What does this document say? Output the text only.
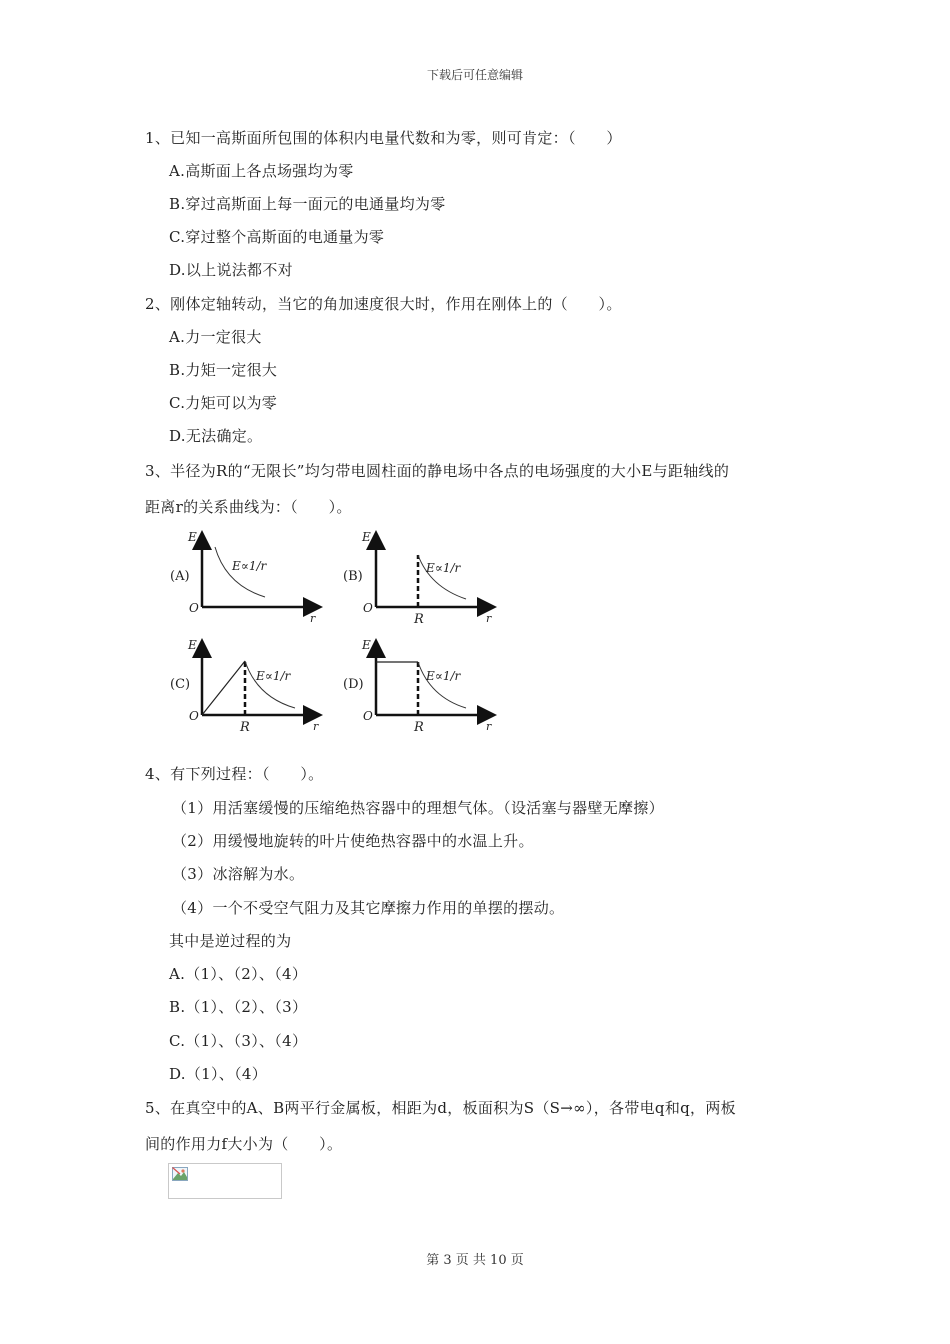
下载后可任意编辑
1、已知一高斯面所包围的体积内电量代数和为零，则可肯定：（　　）
A.高斯面上各点场强均为零
B.穿过高斯面上每一面元的电通量均为零
C.穿过整个高斯面的电通量为零
D.以上说法都不对
2、刚体定轴转动，当它的角加速度很大时，作用在刚体上的（　　）。
A.力一定很大
B.力矩一定很大
C.力矩可以为零
D.无法确定。
3、半径为R的“无限长”均匀带电圆柱面的静电场中各点的电场强度的大小E与距轴线的
距离r的关系曲线为：（　　）。
E
r
O
(A)
E∝1/r
E
r
O
R
(B)
E∝1/r
E
r
O
R
(C)
E∝1/r
E
r
O
R
(D)
E∝1/r
4、有下列过程：（　　）。
（1）用活塞缓慢的压缩绝热容器中的理想气体。（设活塞与器壁无摩擦）
（2）用缓慢地旋转的叶片使绝热容器中的水温上升。
（3）冰溶解为水。
（4）一个不受空气阻力及其它摩擦力作用的单摆的摆动。
其中是逆过程的为
A.（1）、（2）、（4）
B.（1）、（2）、（3）
C.（1）、（3）、（4）
D.（1）、（4）
5、在真空中的A、B两平行金属板，相距为d，板面积为S（S→∞），各带电q和q，两板
间的作用力f大小为（　　）。
第 3 页 共 10 页
